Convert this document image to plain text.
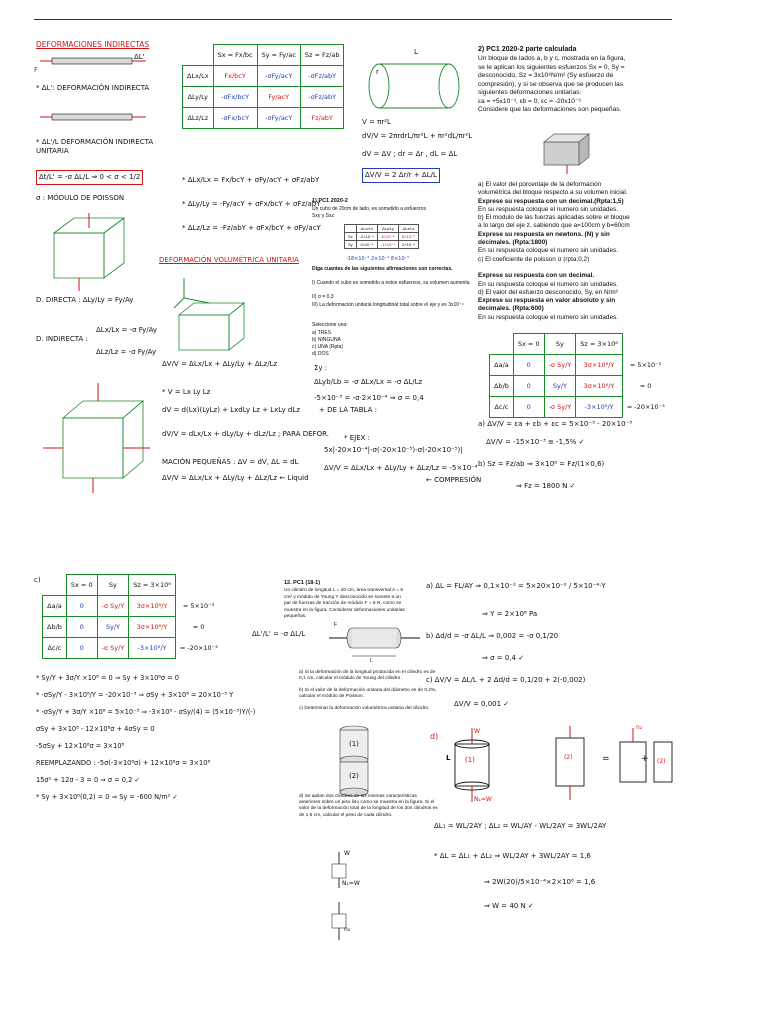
DEFORMACIONES INDIRECTAS
F
ΔL'
* ΔL': DEFORMACIÓN INDIRECTA
* ΔL'/L DEFORMACIÓN INDIRECTA UNITARIA
Δt/L' = -σ ΔL/L ⇒ 0 < σ < 1/2
σ : MÓDULO DE POISSON
D. DIRECTA : ΔLy/Ly = Fy/Ay
D. INDIRECTA :
ΔLx/Lx = -σ Fy/Ay
ΔLz/Lz = -σ Fy/Ay
	Sx = Fx/bc	Sy = Fy/ac	Sz = Fz/ab
ΔLx/Lx	Fx/bcY	-σFy/acY	-σFz/abY
ΔLy/Ly	-σFx/bcY	Fy/acY	-σFz/abY
ΔLz/Lz	-σFx/bcY	-σFy/acY	Fz/abY
* ΔLx/Lx = Fx/bcY + σFy/acY + σFz/abY
* ΔLy/Ly = -Fy/acY + σFx/bcY + σFz/abY
* ΔLz/Lz = -Fz/abY + σFx/bcY + σFy/acY
DEFORMACIÓN VOLUMÉTRICA UNITARIA
ΔV/V = ΔLx/Lx + ΔLy/Ly + ΔLz/Lz
* V = Lx Ly Lz
dV = d(Lx)(LyLz) + LxdLy Lz + LxLy dLz
dV/V = dLx/Lx + dLy/Ly + dLz/Lz ; PARA DEFOR.
MACIÓN PEQUEÑAS : ΔV = dV, ΔL = dL
ΔV/V = ΔLx/Lx + ΔLy/Ly + ΔLz/Lz ← Liquid
L
r
V = πr²L
dV/V = 2πrdrL/πr²L + πr²dL/πr²L
dV = ΔV ; dr = Δr , dL = ΔL
ΔV/V = 2 Δr/r + ΔL/L
1) PC1 2020-2
Un cubo de 20cm de lado, es sometido a esfuerzos
Sxy y Sxz
	ΔLx/Lx	ΔLy/Ly	ΔLz/Lz
Sx	-2×10⁻⁴	8×10⁻⁵	8×10⁻⁵
Sy	2×10⁻⁴	-1×10⁻⁴	2×10⁻⁴
-18×10⁻⁵ 2×10⁻⁴ 8×10⁻⁵
Diga cuantas de las siguientes afirmaciones son correctas.
I) Cuando el cubo es sometido a estos esfuerzos, su volumen aumenta
II) σ = 0,3
III) La deformación unitaria longitudinal total sobre el eje y es 3x10⁻⁴
Seleccione una:
a) TRES
b) NINGUNA
c) UNA (Rpta)
d) DOS
Σy :
ΔLyb/Lb = -σ ΔLx/Lx = -σ ΔL/Lz
-5×10⁻⁵ = -σ·2×10⁻⁴ ⇒ σ = 0,4
+ DE LA TABLA :
* EJEX :
5x|-20×10⁻⁴|-σ(-20×10⁻⁵)-σ(-20×10⁻⁵)|
ΔV/V = ΔLx/Lx + ΔLy/Ly + ΔLz/Lz = -5×10⁻⁴
← COMPRESIÓN
2) PC1 2020-2 parte calculada
Un bloque de lados a, b y c, mostrada en la figura,
se le aplican los siguientes esfuerzos Sx = 0, Sy =
desconocido, Sz = 3x10⁸N/m² (Sy esfuerzo de
compresión), y si se observa que se producen las
siguientes deformaciones unitarias:
εa = +5x10⁻³, εb = 0, εc = -20x10⁻³
Considere que las deformaciones son pequeñas.
a) El valor del porcentaje de la deformación
volumétrica del bloque respecto a su volumen inicial.
Exprese su respuesta con un decimal.(Rpta:1,5)
En su respuesta coloque el numero sin unidades.
b) El modulo de las fuerzas aplicadas sobre el bloque
a lo largo del eje z, sabiendo que a=100cm y b=60cm
Exprese su respuesta en newtons. (N) y sin
decimales. (Rpta:1800)
En su respuesta coloque el numero sin unidades.
c) El coeficiente de poisson σ (rpta:0,2)
Exprese su respuesta con un decimal.
En su respuesta coloque el numero sin unidades.
d) El valor del esfuerzo desconocido, Sy, en N/m²
Exprese su respuesta en valor absoluto y sin
decimales. (Rpta:600)
En su respuesta coloque el numero sin unidades.
	Sx = 0	Sy	Sz = 3×10⁸	
Δa/a	0	-σ Sy/Y	3σ×10⁸/Y	= 5×10⁻³
Δb/b	0	Sy/Y	3σ×10⁸/Y	= 0
Δc/c	0	-σ Sy/Y	-3×10⁸/Y	= -20×10⁻³
a) ΔV/V = εa + εb + εc = 5×10⁻³ - 20×10⁻³
ΔV/V = -15×10⁻³ ≡ -1,5% ✓
b) Sz = Fz/ab ⇒ 3×10⁸ = Fz/(1×0,6)
⇒ Fz = 1800 N ✓
c)
	Sx = 0	Sy	Sz = 3×10⁸	
Δa/a	0	-σ Sy/Y	3σ×10⁸/Y	= 5×10⁻³
Δb/b	0	Sy/Y	3σ×10⁸/Y	≈ 0
Δc/c	0	-σ Sy/Y	-3×10⁸/Y	= -20×10⁻³
* Sy/Y + 3σ/Y ×10⁸ = 0 ⇒ Sy + 3×10⁸σ = 0
* -σSy/Y - 3×10⁸/Y = -20×10⁻³ ⇒ σSy + 3×10⁸ = 20×10⁻³ Y
* -σSy/Y + 3σ/Y ×10⁸ = 5×10⁻³ ⇒ -3×10⁸ - σSy/(4) = (5×10⁻³)Y/(-)
σSy + 3×10⁸ - 12×10⁸σ + 4σSy = 0
-5σSy + 12×10⁸σ = 3×10⁸
REEMPLAZANDO : -5σ(-3×10⁸σ) + 12×10⁸σ = 3×10⁸
15σ² + 12σ - 3 = 0 ⇒ σ = 0,2 ✓
* Sy + 3×10⁸(0,2) = 0 ⇒ Sy = -600 N/m² ✓
12. PC1 (18-1)
Un cilindro de longitud L = 20 cm, área transversal A = 5
cm² y módulo de Young Y desconocido se somete a un
par de fuerzas de tracción de módulo F = 5 N, como se
muestra en la figura. Considerar deformaciones unitarias
pequeñas.
ΔL'/L' = -σ ΔL/L
F
L
a) Si la deformación de la longitud producida en el cilindro es de 0,1 cm, calcular el módulo de Young del cilindro.
b) Si el valor de la deformación unitaria del diámetro es de 0,2%, calcular el módulo de Poisson.
c) Determinar la deformación volumétrica unitaria del cilindro.
(1)
(2)
d) Se apilan dos cilindros de las mismas características anteriores sobre un piso liso como se muestra en la figura. Si el valor de la deformación total de la longitud de los dos cilindros es de 1,6 cm, calcular el peso de cada cilindro.
W
N₁=W
n₂
a) ΔL = FL/AY ⇒ 0,1×10⁻² = 5×20×10⁻² / 5×10⁻⁴·Y
⇒ Y = 2×10⁶ Pa
b) Δd/d = -σ ΔL/L ⇒ 0,002 = -σ 0,1/20
⇒ σ = 0,4 ✓
c) ΔV/V = ΔL/L + 2 Δd/d = 0,1/20 + 2(-0,002)
ΔV/V = 0,001 ✓
d)
L (1)	(2)
(2)
=	+
W
N₁=W
n₂
ΔL₁ = WL/2AY ; ΔL₂ = WL/AY - WL/2AY = 3WL/2AY
* ΔL = ΔL₁ + ΔL₂ ⇒ WL/2AY + 3WL/2AY = 1,6
⇒ 2W(20)/5×10⁻⁴×2×10⁶ = 1,6
⇒ W = 40 N ✓
